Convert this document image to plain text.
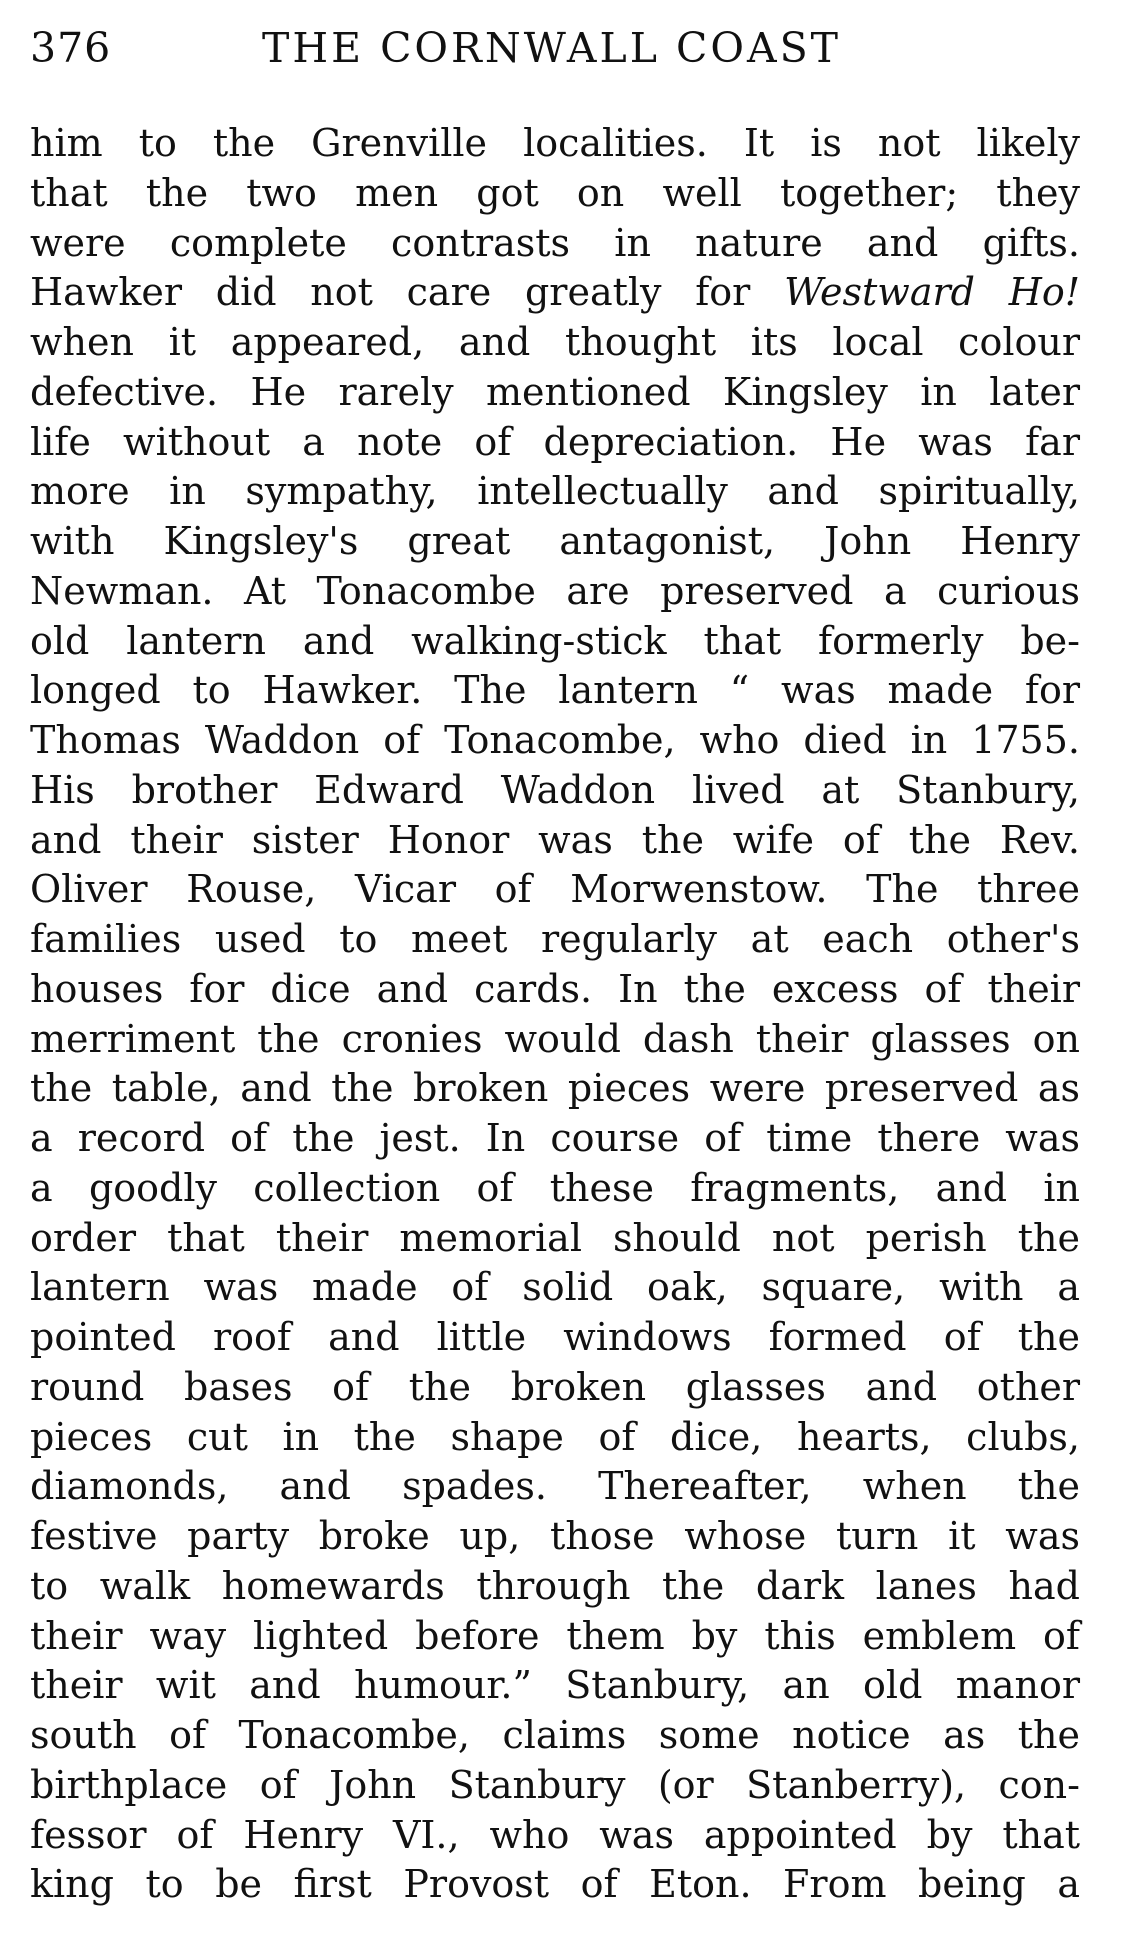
376	THE CORNWALL COAST
him to the Grenville localities. It is not likely
that the two men got on well together; they
were complete contrasts in nature and gifts.
Hawker did not care greatly for Westward Ho!
when it appeared, and thought its local colour
defective. He rarely mentioned Kingsley in later
life without a note of depreciation. He was far
more in sympathy, intellectually and spiritually,
with Kingsley's great antagonist, John Henry
Newman. At Tonacombe are preserved a curious
old lantern and walking-stick that formerly be-
longed to Hawker. The lantern “ was made for
Thomas Waddon of Tonacombe, who died in 1755.
His brother Edward Waddon lived at Stanbury,
and their sister Honor was the wife of the Rev.
Oliver Rouse, Vicar of Morwenstow. The three
families used to meet regularly at each other's
houses for dice and cards. In the excess of their
merriment the cronies would dash their glasses on
the table, and the broken pieces were preserved as
a record of the jest. In course of time there was
a goodly collection of these fragments, and in
order that their memorial should not perish the
lantern was made of solid oak, square, with a
pointed roof and little windows formed of the
round bases of the broken glasses and other
pieces cut in the shape of dice, hearts, clubs,
diamonds, and spades. Thereafter, when the
festive party broke up, those whose turn it was
to walk homewards through the dark lanes had
their way lighted before them by this emblem of
their wit and humour.” Stanbury, an old manor
south of Tonacombe, claims some notice as the
birthplace of John Stanbury (or Stanberry), con-
fessor of Henry VI., who was appointed by that
king to be first Provost of Eton. From being a
